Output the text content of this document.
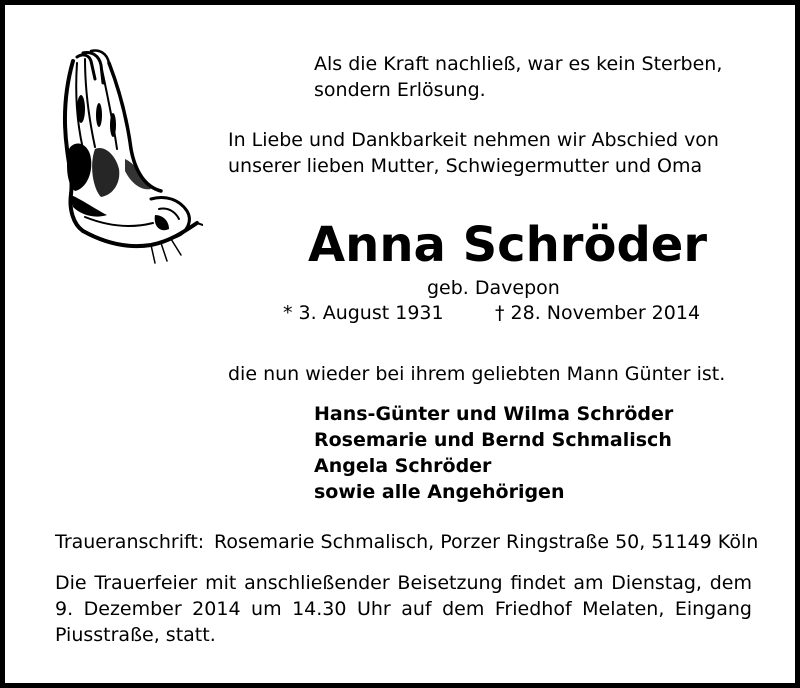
Als die Kraft nachließ, war es kein Sterben,

sondern Erlösung.

In Liebe und Dankbarkeit nehmen wir Abschied von

unserer lieben Mutter, Schwiegermutter und Oma

Anna Schröder

geb. Davepon

* 3. August 1931	† 28. November 2014

die nun wieder bei ihrem geliebten Mann Günter ist.

Hans-Günter und Wilma Schröder

Rosemarie und Bernd Schmalisch

Angela Schröder

sowie alle Angehörigen

Traueranschrift: Rosemarie Schmalisch, Porzer Ringstraße 50, 51149 Köln

Die Trauerfeier mit anschließender Beisetzung findet am Dienstag, dem
9. Dezember 2014 um 14.30 Uhr auf dem Friedhof Melaten, Eingang
Piusstraße, statt.
